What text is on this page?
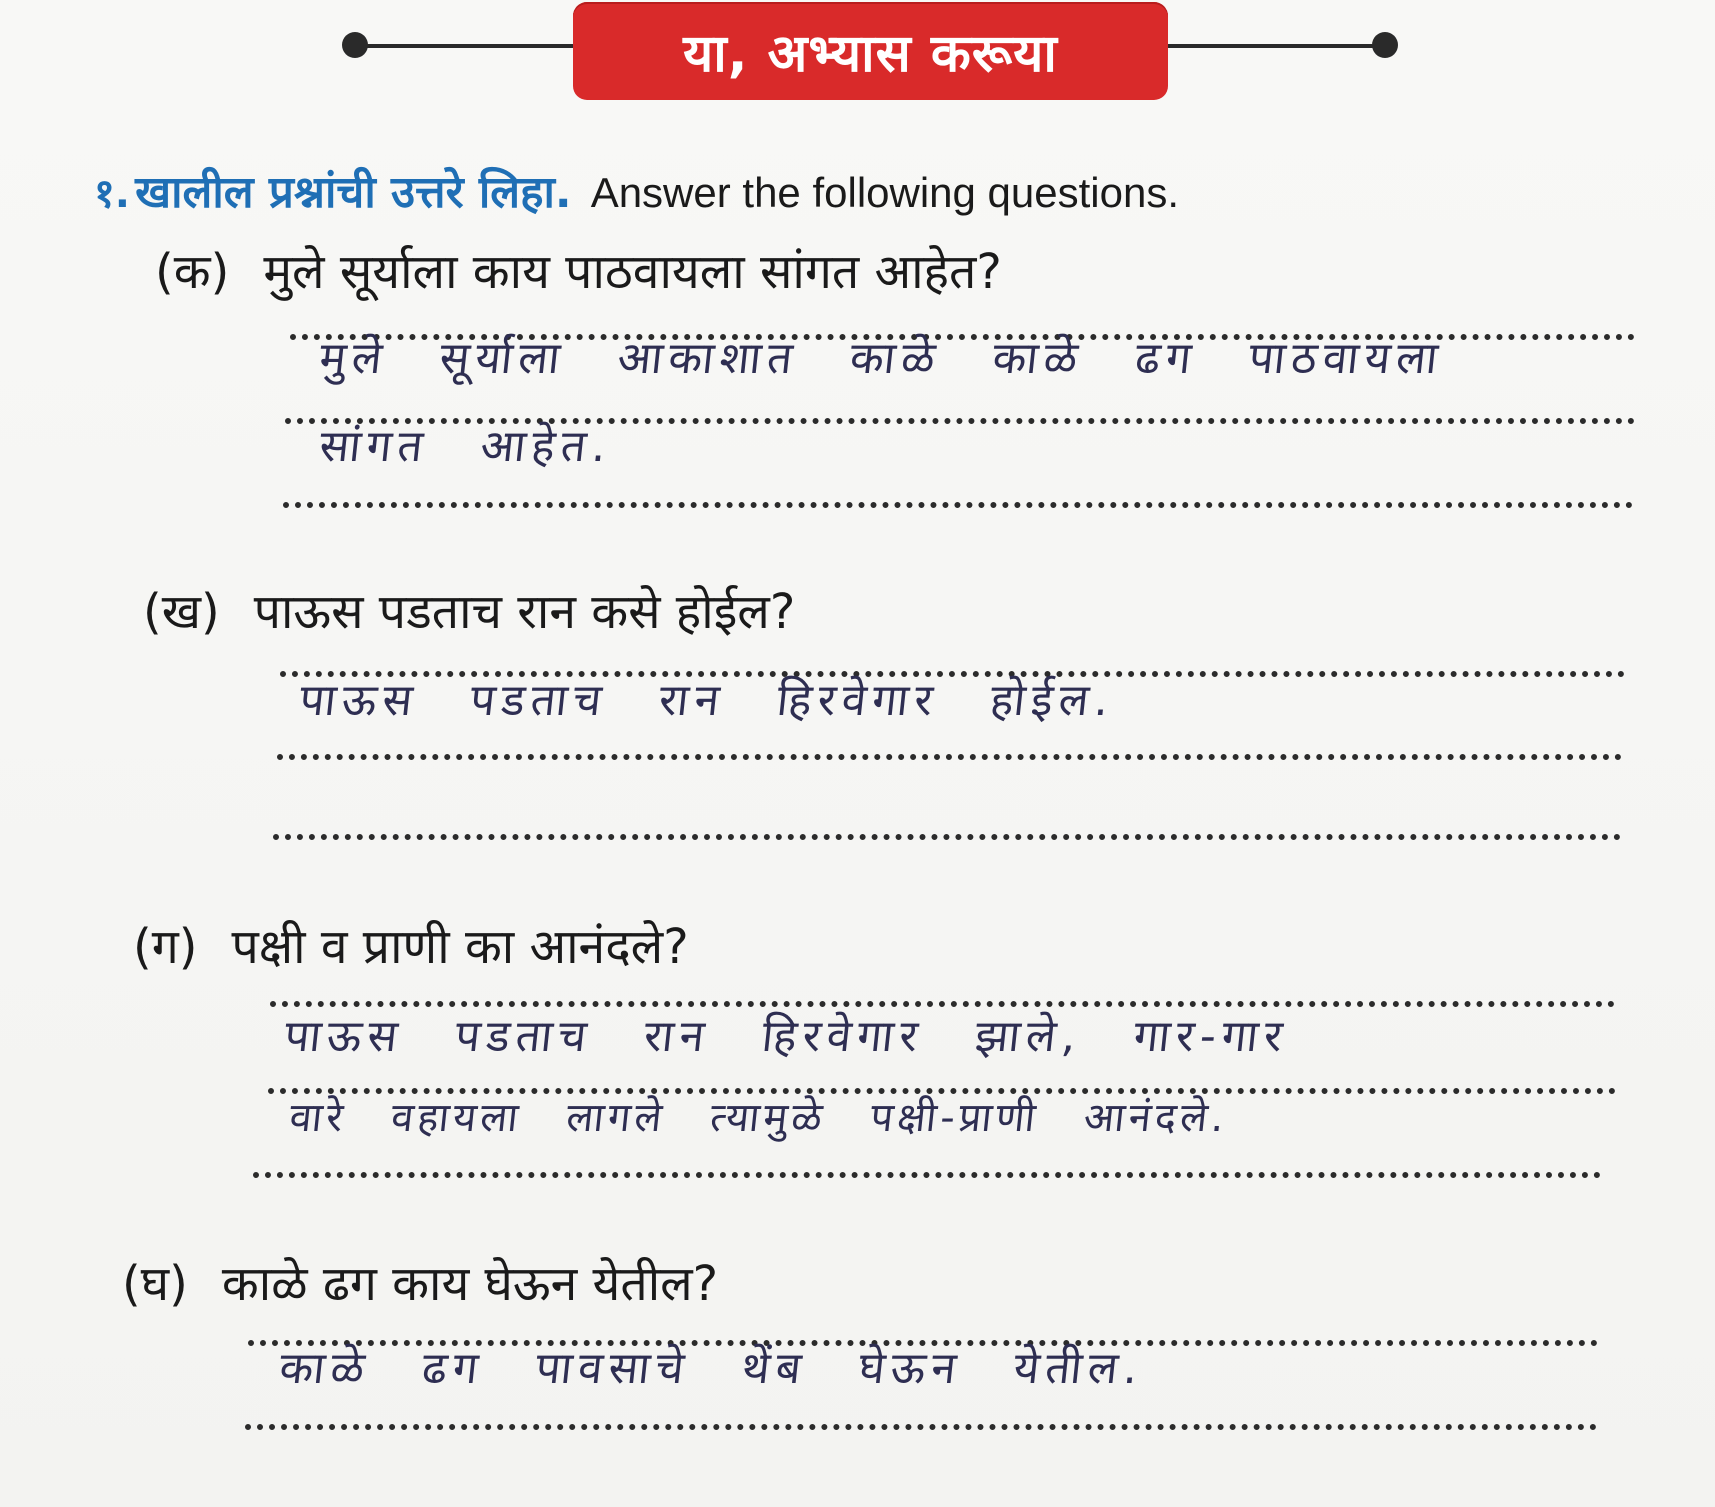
या, अभ्यास करूया
१. खालील प्रश्नांची उत्तरे लिहा. Answer the following questions.
(क) मुले सूर्याला काय पाठवायला सांगत आहेत?
मुले सूर्याला आकाशात काळे काळे ढग पाठवायला
सांगत आहेत.
(ख) पाऊस पडताच रान कसे होईल?
पाऊस पडताच रान हिरवेगार होईल.
(ग) पक्षी व प्राणी का आनंदले?
पाऊस पडताच रान हिरवेगार झाले, गार-गार
वारे वहायला लागले त्यामुळे पक्षी-प्राणी आनंदले.
(घ) काळे ढग काय घेऊन येतील?
काळे ढग पावसाचे थेंब घेऊन येतील.
